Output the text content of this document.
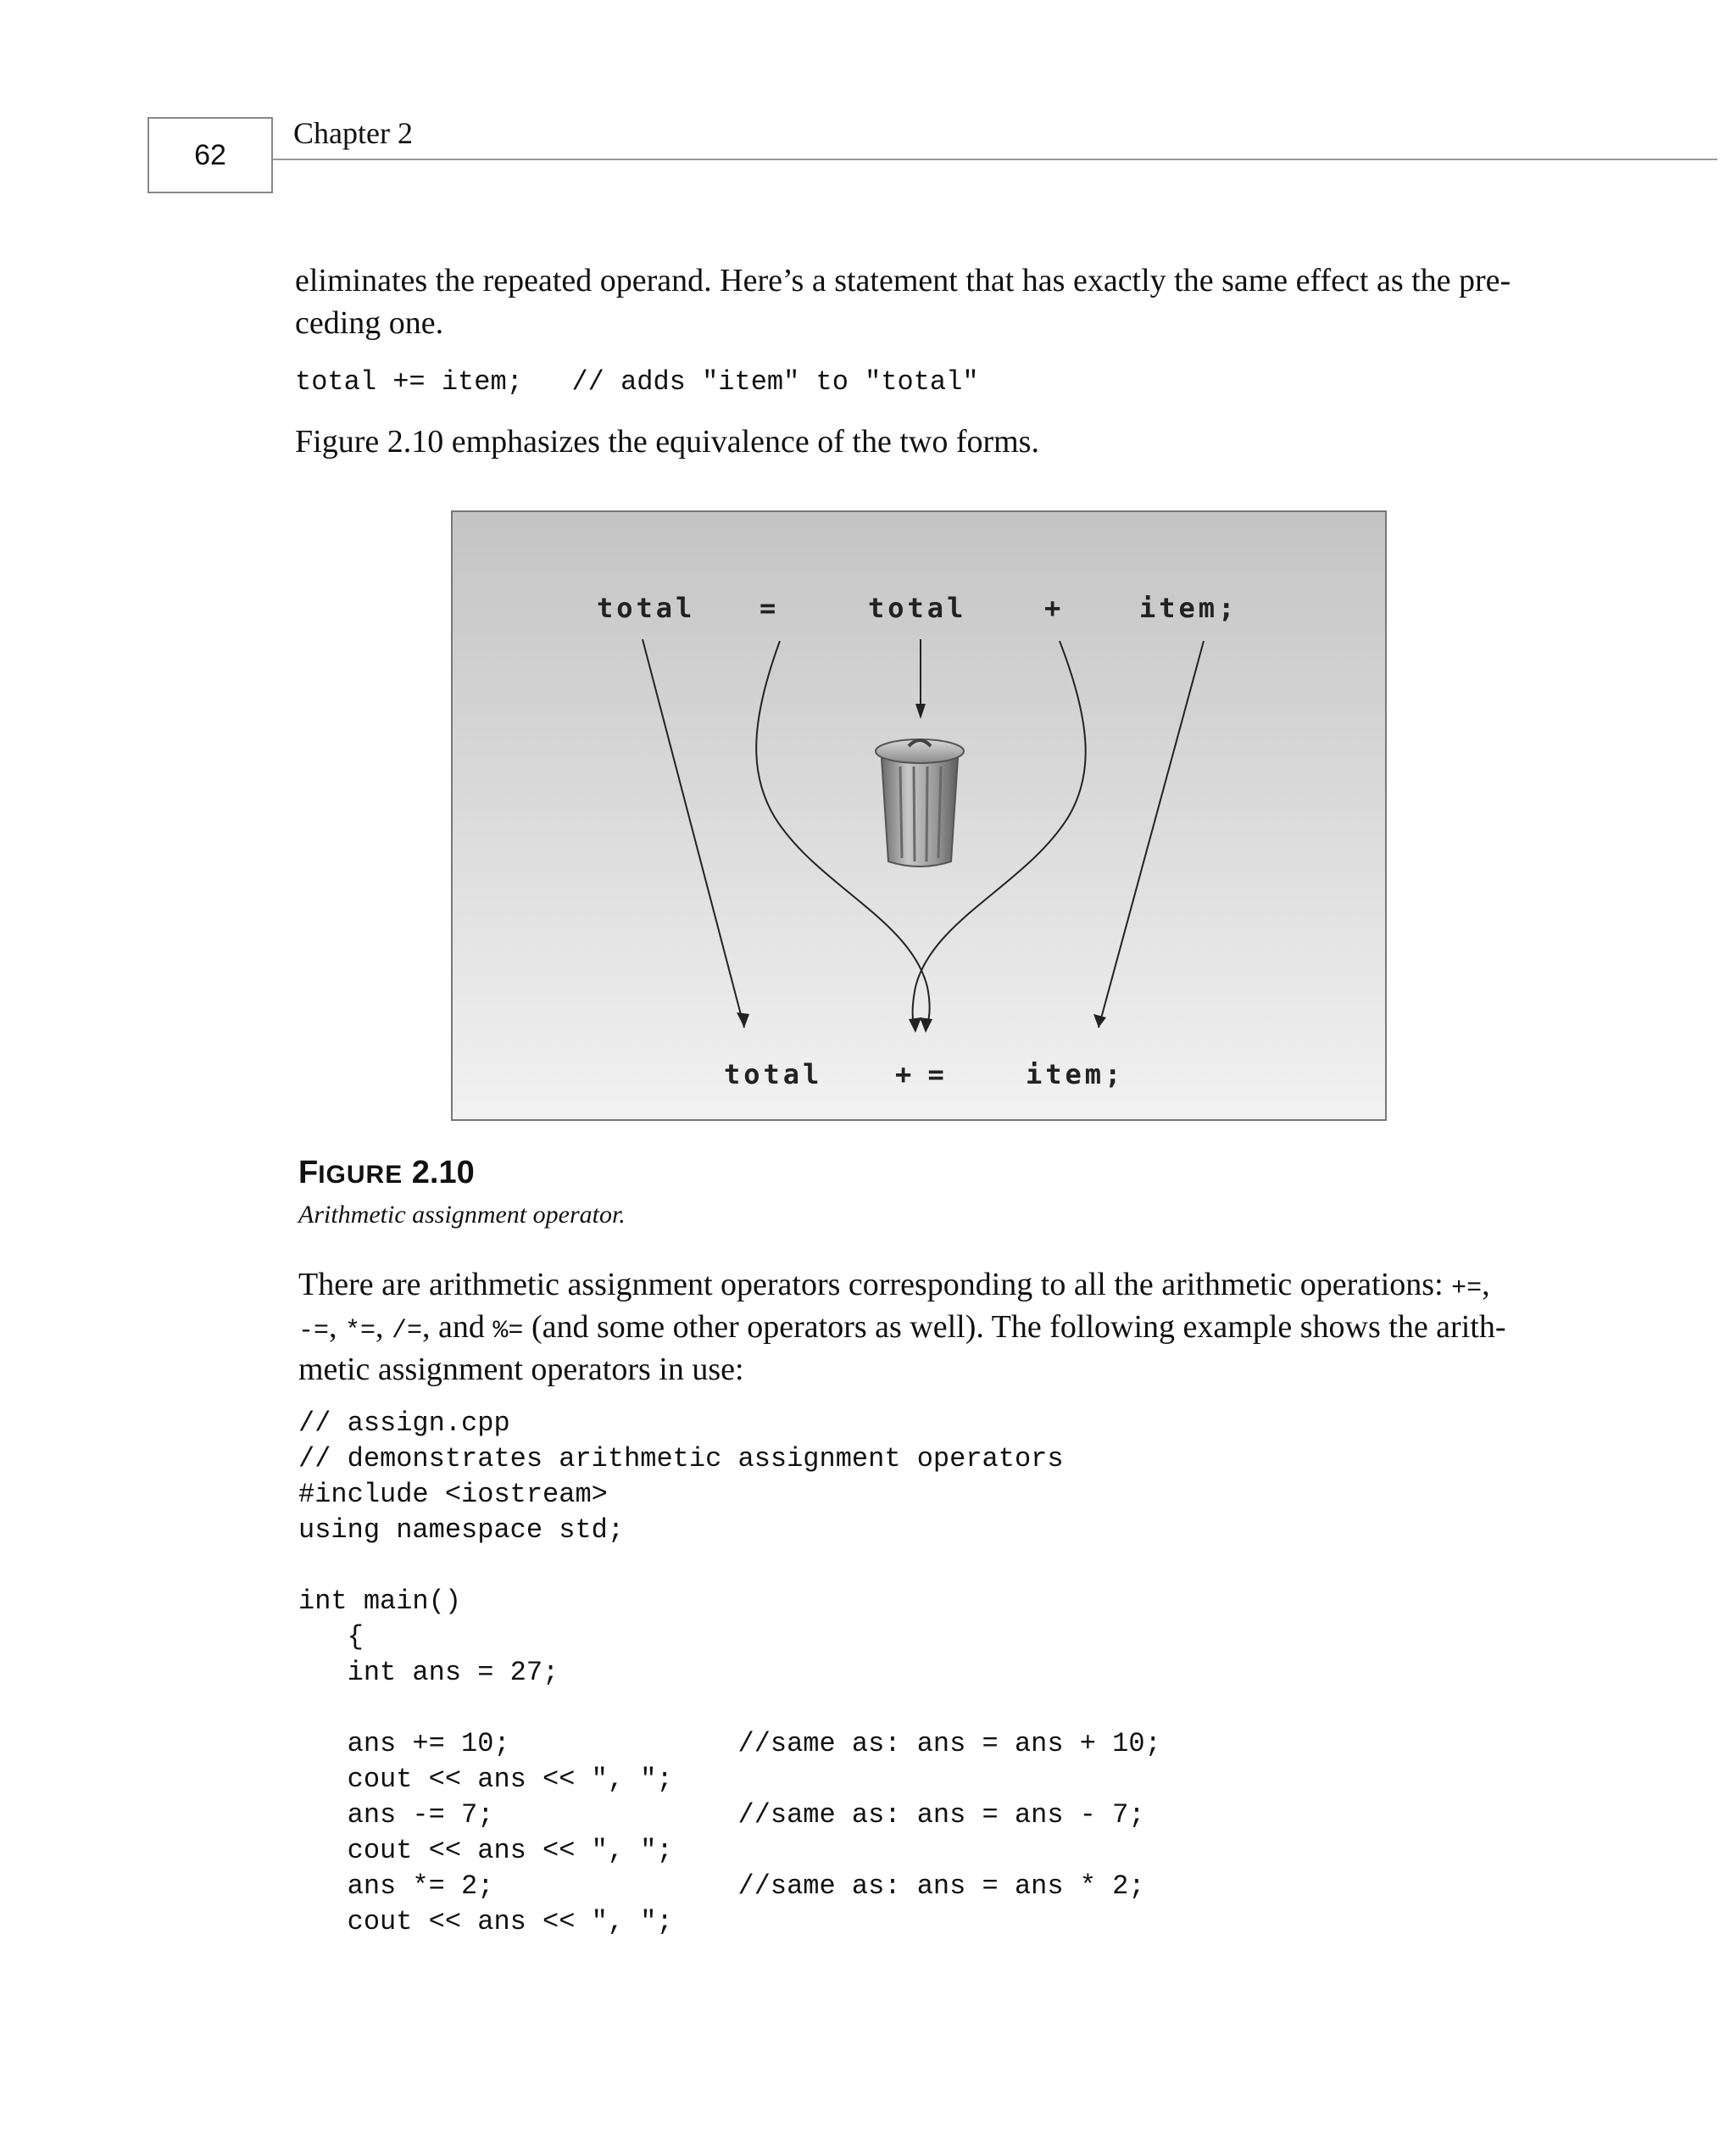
62
Chapter 2

eliminates the repeated operand. Here’s a statement that has exactly the same effect as the pre-

ceding one.

total += item;   // adds "item" to "total"

Figure 2.10 emphasizes the equivalence of the two forms.

total =	total	+	item;
total	+ =	item;
FIGURE 2.10
Arithmetic assignment operator.

There are arithmetic assignment operators corresponding to all the arithmetic operations: +=,

-=, *=, /=, and %= (and some other operators as well). The following example shows the arith-

metic assignment operators in use:

// assign.cpp
// demonstrates arithmetic assignment operators
#include <iostream>
using namespace std;

int main()
{
int ans = 27;

ans += 10;              //same as: ans = ans + 10;
cout << ans << ", ";
ans -= 7;               //same as: ans = ans - 7;
cout << ans << ", ";
ans *= 2;               //same as: ans = ans * 2;
cout << ans << ", ";
